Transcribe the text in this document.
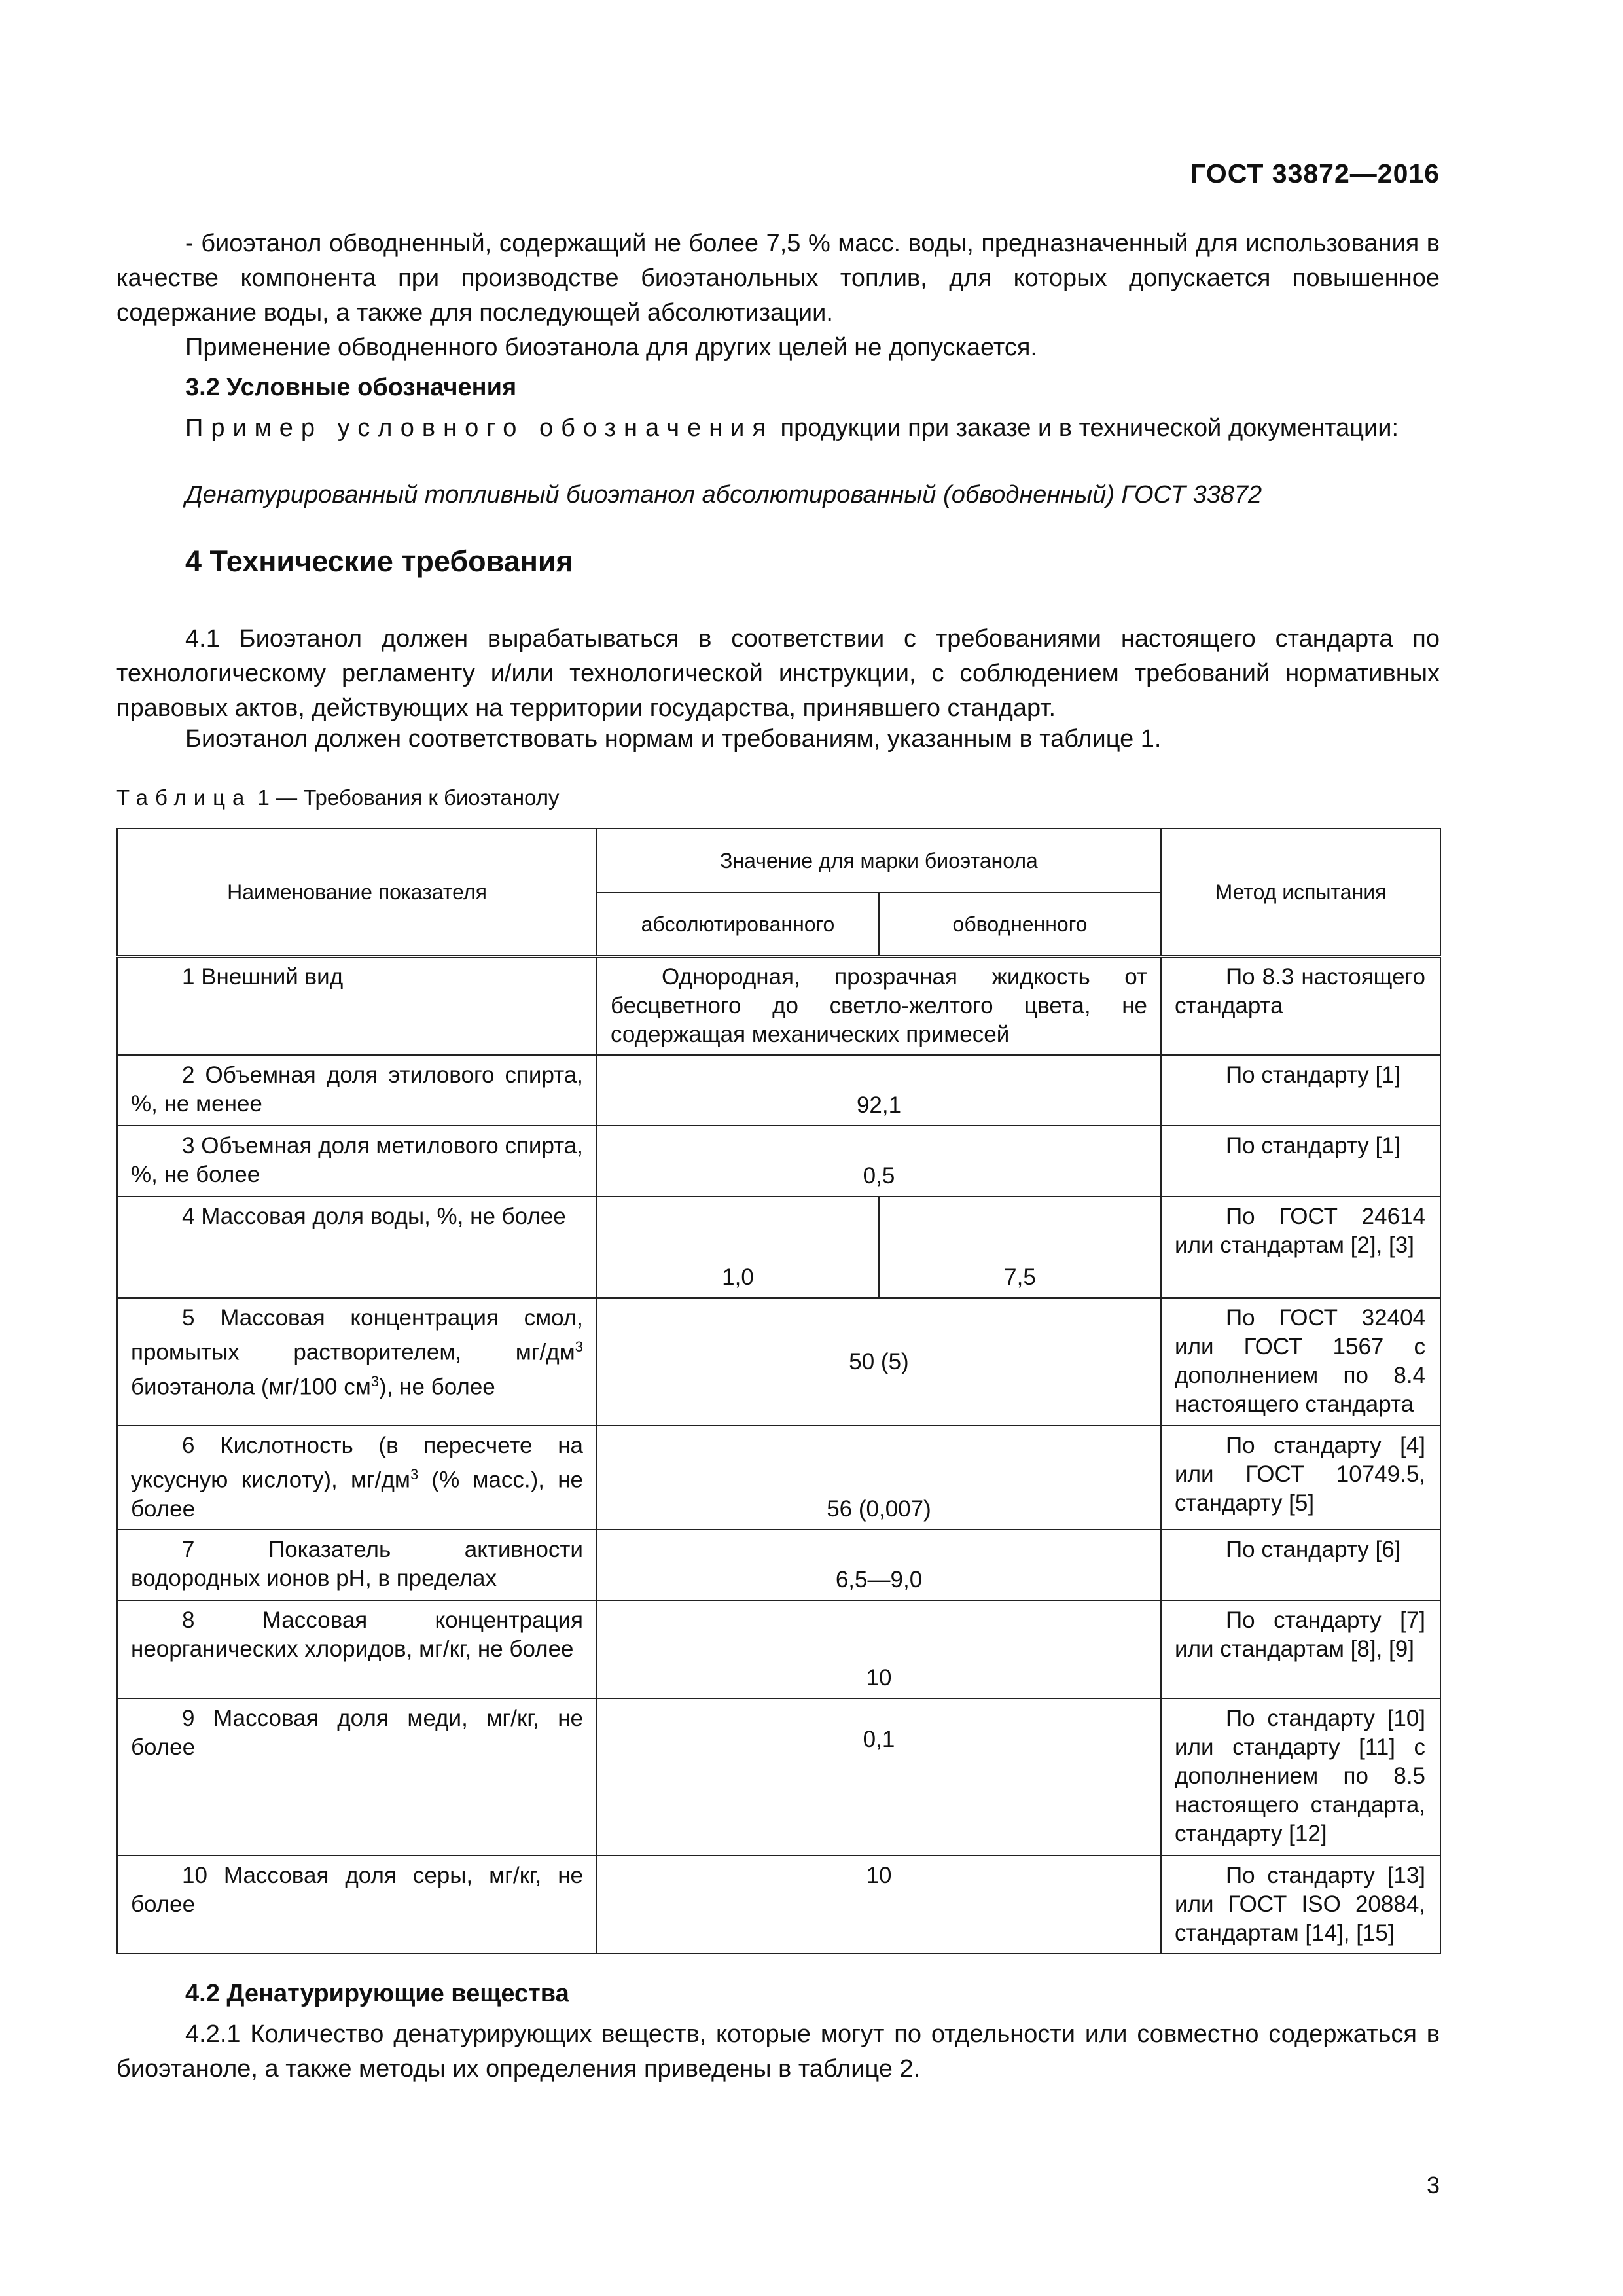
ГОСТ 33872—2016

- биоэтанол обводненный, содержащий не более 7,5 % масс. воды, предназначенный для использования в качестве компонента при производстве биоэтанольных топлив, для которых допускается повышенное содержание воды, а также для последующей абсолютизации.

Применение обводненного биоэтанола для других целей не допускается.

3.2 Условные обозначения

Пример условного обозначения продукции при заказе и в технической документации:

Денатурированный топливный биоэтанол абсолютированный (обводненный) ГОСТ 33872

4 Технические требования

4.1 Биоэтанол должен вырабатываться в соответствии с требованиями настоящего стандарта по технологическому регламенту и/или технологической инструкции, с соблюдением требований нормативных правовых актов, действующих на территории государства, принявшего стандарт.

Биоэтанол должен соответствовать нормам и требованиям, указанным в таблице 1.

Таблица 1 — Требования к биоэтанолу
Наименование показателя	Значение для марки биоэтанола		Метод испытания
	абсолютированного	обводненного	
1 Внешний вид	Однородная, прозрачная жидкость от бесцветного до светло-желтого цвета, не содержащая механических примесей		По 8.3 настоящего стандарта
2 Объемная доля этилового спирта, %, не менее	92,1		По стандарту [1]
3 Объемная доля метилового спирта, %, не более	0,5		По стандарту [1]
4 Массовая доля воды, %, не более	1,0	7,5	По ГОСТ 24614 или стандартам [2], [3]
5 Массовая концентрация смол, промытых растворителем, $мг/дм^3$ биоэтанола (мг/100 $см^3$), не более	50 (5)		По ГОСТ 32404 или ГОСТ 1567 с дополнением по 8.4 настоящего стандарта
6 Кислотность (в пересчете на уксусную кислоту), $мг/дм^3$ (% масс.), не более	56 (0,007)		По стандарту [4] или ГОСТ 10749.5, стандарту [5]
7 Показатель активности водородных ионов pH, в пределах	6,5—9,0		По стандарту [6]
8 Массовая концентрация неорганических хлоридов, мг/кг, не более	10		По стандарту [7] или стандартам [8], [9]
9 Массовая доля меди, мг/кг, не более	0,1		По стандарту [10] или стандарту [11] с дополнением по 8.5 настоящего стандарта, стандарту [12]
10 Массовая доля серы, мг/кг, не более	10		По стандарту [13] или ГОСТ ISO 20884, стандартам [14], [15]

4.2 Денатурирующие вещества

4.2.1 Количество денатурирующих веществ, которые могут по отдельности или совместно содержаться в биоэтаноле, а также методы их определения приведены в таблице 2.

3
